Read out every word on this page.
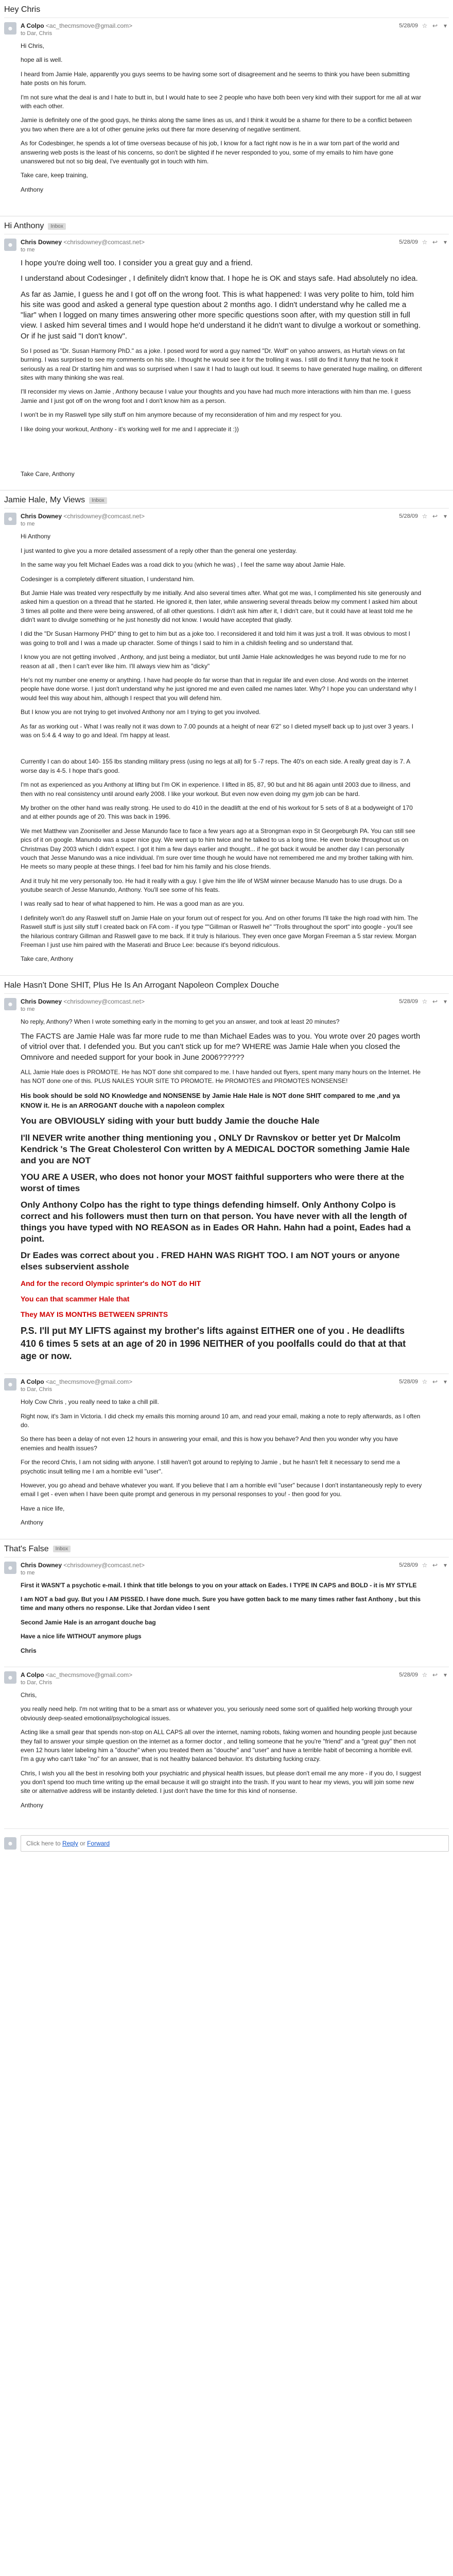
Hey Chris
☻	A Colpo <ac_thecmsmove@gmail.com>
to Dar, Chris
5/28/09 ☆ ↩ ▾

Hi Chris,

hope all is well.

I heard from Jamie Hale, apparently you guys seems to be having some sort of disagreement and he seems to think you have been submitting hate posts on his forum.

I'm not sure what the deal is and I hate to butt in, but I would hate to see 2 people who have both been very kind with their support for me all at war with each other.

Jamie is definitely one of the good guys, he thinks along the same lines as us, and I think it would be a shame for there to be a conflict between you two when there are a lot of other genuine jerks out there far more deserving of negative sentiment.

As for Codesbinger, he spends a lot of time overseas because of his job, I know for a fact right now is he in a war torn part of the world and answering web posts is the least of his concerns, so don't be slighted if he never responded to you, some of my emails to him have gone unanswered but not so big deal, I've eventually got in touch with him.

Take care, keep training,

Anthony

Hi Anthony	Inbox
☻	Chris Downey <chrisdowney@comcast.net>
to me
5/28/09 ☆ ↩ ▾

I hope you're doing well too. I consider you a great guy and a friend.

I understand about Codesinger , I definitely didn't know that. I hope he is OK and stays safe. Had absolutely no idea.

As far as Jamie, I guess he and I got off on the wrong foot. This is what happened: I was very polite to him, told him his site was good and asked a general type question about 2 months ago. I didn't understand why he called me a "liar" when I logged on many times answering other more specific questions soon after, with my question still in full view. I asked him several times and I would hope he'd understand it he didn't want to divulge a workout or something. Or if he just said "I don't know".

So I posed as "Dr. Susan Harmony PhD." as a joke. I posed word for word a guy named "Dr. Wolf" on yahoo answers, as Hurtah views on fat burning. I was surprised to see my comments on his site. I thought he would see it for the trolling it was. I still do find it funny that he took it seriously as a real Dr starting him and was so surprised when I saw it I had to laugh out loud. It seems to have generated huge mailing, on different sites with many thinking she was real.

I'll reconsider my views on Jamie , Anthony because I value your thoughts and you have had much more interactions with him than me. I guess Jamie and I just got off on the wrong foot and I don't know him as a person.

I won't be in my Raswell type silly stuff on him anymore because of my reconsideration of him and my respect for you.

I like doing your workout, Anthony - it's working well for me and I appreciate it :))

Take Care, Anthony

Jamie Hale, My Views	Inbox
☻	Chris Downey <chrisdowney@comcast.net>
to me
5/28/09 ☆ ↩ ▾

Hi Anthony

I just wanted to give you a more detailed assessment of a reply other than the general one yesterday.

In the same way you felt Michael Eades was a road dick to you (which he was) , I feel the same way about Jamie Hale.

Codesinger is a completely different situation, I understand him.

But Jamie Hale was treated very respectfully by me initially. And also several times after. What got me was, I complimented his site generously and asked him a question on a thread that he started. He ignored it, then later, while answering several threads below my comment I asked him about 3 times all polite and there were being answered, of all other questions. I didn't ask him after it, I didn't care, but it could have at least told me he didn't want to divulge something or he just honestly did not know. I would have accepted that gladly.

I did the "Dr Susan Harmony PHD" thing to get to him but as a joke too. I reconsidered it and told him it was just a troll. It was obvious to most I was going to troll and I was a made up character. Some of things I said to him in a childish feeling and so understand that.

I know you are not getting involved , Anthony, and just being a mediator, but until Jamie Hale acknowledges he was beyond rude to me for no reason at all , then I can't ever like him. I'll always view him as "dicky"

He's not my number one enemy or anything. I have had people do far worse than that in regular life and even close. And words on the internet people have done worse. I just don't understand why he just ignored me and even called me names later. Why? I hope you can understand why I would feel this way about him, although I respect that you will defend him.

But I know you are not trying to get involved Anthony nor am I trying to get you involved.

As far as working out - What I was really not it was down to 7.00 pounds at a height of near 6'2" so I dieted myself back up to just over 3 years. I was on 5:4 & 4 way to go and Ideal. I'm happy at least.

Currently I can do about 140- 155 lbs standing military press (using no legs at all) for 5 -7 reps. The 40's on each side. A really great day is 7. A worse day is 4-5. I hope that's good.

I'm not as experienced as you Anthony at lifting but I'm OK in experience. I lifted in 85, 87, 90 but and hit 86 again until 2003 due to illness, and then with no real consistency until around early 2008. I like your workout. But even now even doing my gym job can be hard.

My brother on the other hand was really strong. He used to do 410 in the deadlift at the end of his workout for 5 sets of 8 at a bodyweight of 170 and at either pounds age of 20. This was back in 1996.

We met Matthew van Zooniseller and Jesse Manundo face to face a few years ago at a Strongman expo in St Georgeburgh PA. You can still see pics of it on google. Manundo was a super nice guy. We went up to him twice and he talked to us a long time. He even broke throughout us on Christmas Day 2003 which I didn't expect. I got it him a few days earlier and thought... if he got back it would be another day I can personally vouch that Jesse Manundo was a nice individual. I'm sure over time though he would have not remembered me and my brother talking with him. He meets so many people at these things. I feel bad for him his family and his close friends.

And it truly hit me very personally too. He had it really with a guy. I give him the life of WSM winner because Manudo has to use drugs. Do a youtube search of Jesse Manundo, Anthony. You'll see some of his feats.

I was really sad to hear of what happened to him. He was a good man as are you.

I definitely won't do any Raswell stuff on Jamie Hale on your forum out of respect for you. And on other forums I'll take the high road with him. The Raswell stuff is just silly stuff I created back on FA com - if you type ""Gillman or Raswell he" "Trolls throughout the sport" into google - you'll see the hilarious contrary Gillman and Raswell gave to me back. If it truly is hilarious. They even once gave Morgan Freeman a 5 star review. Morgan Freeman I just use him paired with the Maserati and Bruce Lee: because it's beyond ridiculous.

Take care, Anthony

Hale Hasn't Done SHIT, Plus He Is An Arrogant Napoleon Complex Douche
☻	Chris Downey <chrisdowney@comcast.net>
to me
5/28/09 ☆ ↩ ▾

No reply, Anthony? When I wrote something early in the morning to get you an answer, and took at least 20 minutes?

The FACTS are Jamie Hale was far more rude to me than Michael Eades was to you. You wrote over 20 pages worth of vitriol over that. I defended you. But you can't stick up for me? WHERE was Jamie Hale when you closed the Omnivore and needed support for your book in June 2006??????

ALL Jamie Hale does is PROMOTE. He has NOT done shit compared to me. I have handed out flyers, spent many many hours on the Internet. He has NOT done one of this. PLUS NAILES YOUR SITE TO PROMOTE. He PROMOTES and PROMOTES NONSENSE!

His book should be sold NO Knowledge and NONSENSE by Jamie Hale Hale is NOT done SHIT compared to me ,and ya KNOW it. He is an ARROGANT douche with a napoleon complex

You are OBVIOUSLY siding with your butt buddy Jamie the douche Hale

I'll NEVER write another thing mentioning you , ONLY Dr Ravnskov or better yet Dr Malcolm Kendrick 's The Great Cholesterol Con written by A MEDICAL DOCTOR something Jamie Hale and you are NOT

YOU ARE A USER, who does not honor your MOST faithful supporters who were there at the worst of times

Only Anthony Colpo has the right to type things defending himself. Only Anthony Colpo is correct and his followers must then turn on that person. You have never with all the length of things you have typed with NO REASON as in Eades OR Hahn. Hahn had a point, Eades had a point.

Dr Eades was correct about you . FRED HAHN WAS RIGHT TOO. I am NOT yours or anyone elses subservient asshole

And for the record Olympic sprinter's do NOT do HIT

You can that scammer Hale that

They MAY IS MONTHS BETWEEN SPRINTS

P.S. I'll put MY LIFTS against my brother's lifts against EITHER one of you . He deadlifts 410 6 times 5 sets at an age of 20 in 1996 NEITHER of you poolfalls could do that at that age or now.

☻	A Colpo <ac_thecmsmove@gmail.com>
to Dar, Chris
5/28/09 ☆ ↩ ▾

Holy Cow Chris , you really need to take a chill pill.

Right now, it's 3am in Victoria. I did check my emails this morning around 10 am, and read your email, making a note to reply afterwards, as I often do.

So there has been a delay of not even 12 hours in answering your email, and this is how you behave? And then you wonder why you have enemies and health issues?

For the record Chris, I am not siding with anyone. I still haven't got around to replying to Jamie , but he hasn't felt it necessary to send me a psychotic insult telling me I am a horrible evil "user".

However, you go ahead and behave whatever you want. If you believe that I am a horrible evil "user" because I don't instantaneously reply to every email I get - even when I have been quite prompt and generous in my personal responses to you! - then good for you.

Have a nice life,

Anthony

That's False	Inbox
☻	Chris Downey <chrisdowney@comcast.net>
to me
5/28/09 ☆ ↩ ▾

First it WASN'T a psychotic e-mail. I think that title belongs to you on your attack on Eades. I TYPE IN CAPS and BOLD - it is MY STYLE

I am NOT a bad guy. But you I AM PISSED. I have done much. Sure you have gotten back to me many times rather fast Anthony , but this time and many others no response. Like that Jordan video I sent

Second Jamie Hale is an arrogant douche bag

Have a nice life WITHOUT anymore plugs

Chris

☻	A Colpo <ac_thecmsmove@gmail.com>
to Dar, Chris
5/28/09 ☆ ↩ ▾

Chris,

you really need help. I'm not writing that to be a smart ass or whatever you, you seriously need some sort of qualified help working through your obviously deep-seated emotional/psychological issues.

Acting like a small gear that spends non-stop on ALL CAPS all over the internet, naming robots, faking women and hounding people just because they fail to answer your simple question on the internet as a former doctor , and telling someone that he you're "friend" and a "great guy" then not even 12 hours later labeling him a "douche" when you treated them as "douche" and "user" and have a terrible habit of becoming a horrible evil. I'm a guy who can't take "no" for an answer, that is not healthy balanced behavior. It's disturbing fucking crazy.

Chris, I wish you all the best in resolving both your psychiatric and physical health issues, but please don't email me any more - if you do, I suggest you don't spend too much time writing up the email because it will go straight into the trash. If you want to hear my views, you will join some new site or alternative address will be instantly deleted. I just don't have the time for this kind of nonsense.

Anthony

☻	Click here to Reply or Forward
